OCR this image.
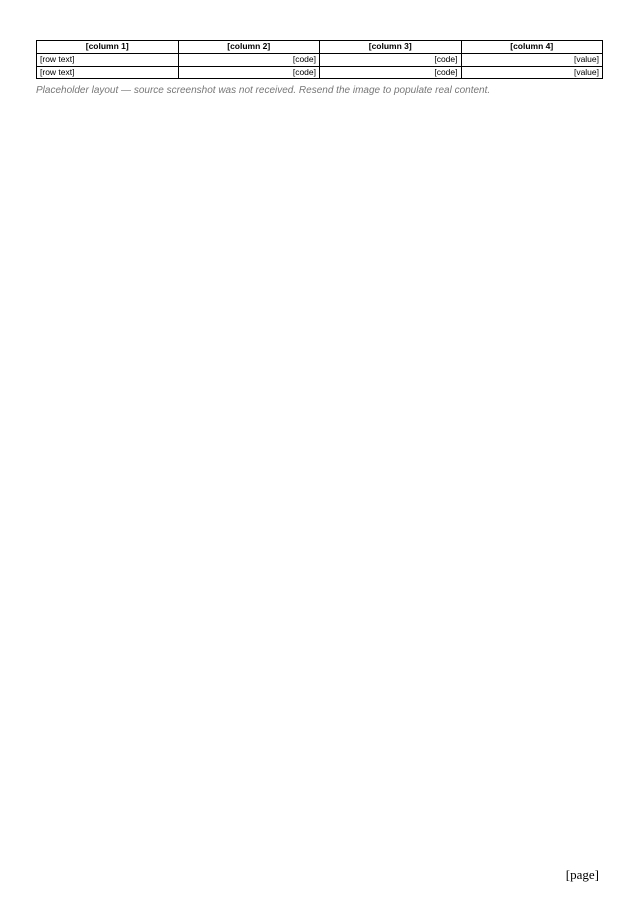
[column 1]	[column 2]	[column 3]	[column 4]
[row text]	[code]	[code]	[value]
[row text]	[code]	[code]	[value]
Placeholder layout — source screenshot was not received. Resend the image to populate real content.
[page]
